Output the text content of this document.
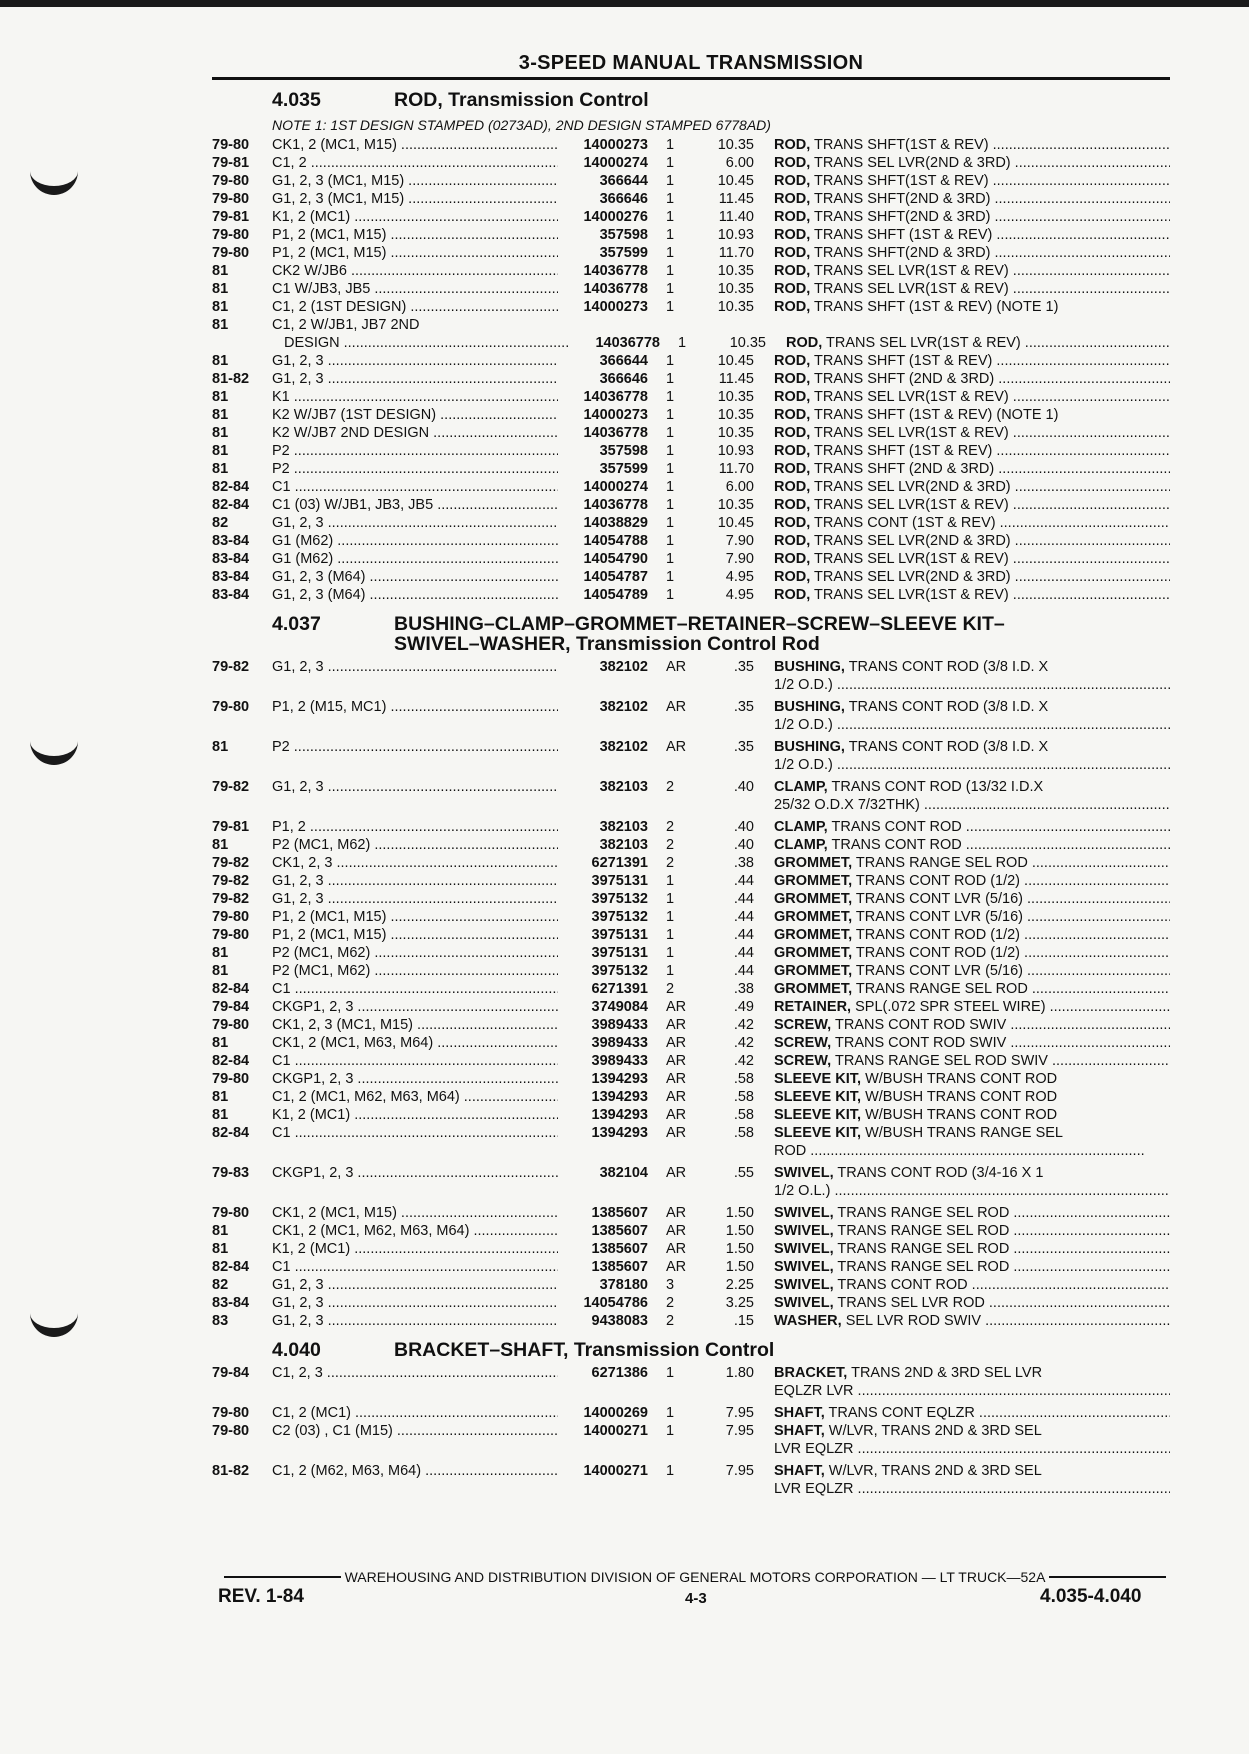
3-SPEED MANUAL TRANSMISSION
4.035	ROD, Transmission Control
NOTE 1: 1ST DESIGN STAMPED (0273AD), 2ND DESIGN STAMPED 6778AD)
79-80	CK1, 2 (MC1, M15) .....	14000273	1	10.35	ROD, TRANS SHFT(1ST & REV) .....
79-81	C1, 2 .....	14000274	1	6.00	ROD, TRANS SEL LVR(2ND & 3RD) .....
79-80	G1, 2, 3 (MC1, M15) .....	366644	1	10.45	ROD, TRANS SHFT(1ST & REV) .....
79-80	G1, 2, 3 (MC1, M15) .....	366646	1	11.45	ROD, TRANS SHFT(2ND & 3RD) .....
79-81	K1, 2 (MC1) .....	14000276	1	11.40	ROD, TRANS SHFT(2ND & 3RD) .....
79-80	P1, 2 (MC1, M15) .....	357598	1	10.93	ROD, TRANS SHFT (1ST & REV) .....
79-80	P1, 2 (MC1, M15) .....	357599	1	11.70	ROD, TRANS SHFT(2ND & 3RD) .....
81	CK2 W/JB6 .....	14036778	1	10.35	ROD, TRANS SEL LVR(1ST & REV) .....
81	C1 W/JB3, JB5 .....	14036778	1	10.35	ROD, TRANS SEL LVR(1ST & REV) .....
81	C1, 2 (1ST DESIGN) .....	14000273	1	10.35	ROD, TRANS SHFT (1ST & REV) (NOTE 1)
81	C1, 2 W/JB1, JB7 2ND
DESIGN .....	14036778	1	10.35	ROD, TRANS SEL LVR(1ST & REV) .....
81	G1, 2, 3 .....	366644	1	10.45	ROD, TRANS SHFT (1ST & REV) .....
81-82	G1, 2, 3 .....	366646	1	11.45	ROD, TRANS SHFT (2ND & 3RD) .....
81	K1 .....	14036778	1	10.35	ROD, TRANS SEL LVR(1ST & REV) .....
81	K2 W/JB7 (1ST DESIGN) .....	14000273	1	10.35	ROD, TRANS SHFT (1ST & REV) (NOTE 1)
81	K2 W/JB7 2ND DESIGN .....	14036778	1	10.35	ROD, TRANS SEL LVR(1ST & REV) .....
81	P2 .....	357598	1	10.93	ROD, TRANS SHFT (1ST & REV) .....
81	P2 .....	357599	1	11.70	ROD, TRANS SHFT (2ND & 3RD) .....
82-84	C1 .....	14000274	1	6.00	ROD, TRANS SEL LVR(2ND & 3RD) .....
82-84	C1 (03) W/JB1, JB3, JB5 .....	14036778	1	10.35	ROD, TRANS SEL LVR(1ST & REV) .....
82	G1, 2, 3 .....	14038829	1	10.45	ROD, TRANS CONT (1ST & REV) .....
83-84	G1 (M62) .....	14054788	1	7.90	ROD, TRANS SEL LVR(2ND & 3RD) .....
83-84	G1 (M62) .....	14054790	1	7.90	ROD, TRANS SEL LVR(1ST & REV) .....
83-84	G1, 2, 3 (M64) .....	14054787	1	4.95	ROD, TRANS SEL LVR(2ND & 3RD) .....
83-84	G1, 2, 3 (M64) .....	14054789	1	4.95	ROD, TRANS SEL LVR(1ST & REV) .....
4.037	BUSHING–CLAMP–GROMMET–RETAINER–SCREW–SLEEVE KIT–
SWIVEL–WASHER, Transmission Control Rod
79-82	G1, 2, 3 .....	382102	AR	.35	BUSHING, TRANS CONT ROD (3/8 I.D. X
1/2 O.D.) .....
79-80	P1, 2 (M15, MC1) .....	382102	AR	.35	BUSHING, TRANS CONT ROD (3/8 I.D. X
1/2 O.D.) .....
81	P2 .....	382102	AR	.35	BUSHING, TRANS CONT ROD (3/8 I.D. X
1/2 O.D.) .....
79-82	G1, 2, 3 .....	382103	2	.40	CLAMP, TRANS CONT ROD (13/32 I.D.X
25/32 O.D.X 7/32THK) .....
79-81	P1, 2 .....	382103	2	.40	CLAMP, TRANS CONT ROD .....
81	P2 (MC1, M62) .....	382103	2	.40	CLAMP, TRANS CONT ROD .....
79-82	CK1, 2, 3 .....	6271391	2	.38	GROMMET, TRANS RANGE SEL ROD .....
79-82	G1, 2, 3 .....	3975131	1	.44	GROMMET, TRANS CONT ROD (1/2) .....
79-82	G1, 2, 3 .....	3975132	1	.44	GROMMET, TRANS CONT LVR (5/16) .....
79-80	P1, 2 (MC1, M15) .....	3975132	1	.44	GROMMET, TRANS CONT LVR (5/16) .....
79-80	P1, 2 (MC1, M15) .....	3975131	1	.44	GROMMET, TRANS CONT ROD (1/2) .....
81	P2 (MC1, M62) .....	3975131	1	.44	GROMMET, TRANS CONT ROD (1/2) .....
81	P2 (MC1, M62) .....	3975132	1	.44	GROMMET, TRANS CONT LVR (5/16) .....
82-84	C1 .....	6271391	2	.38	GROMMET, TRANS RANGE SEL ROD .....
79-84	CKGP1, 2, 3 .....	3749084	AR	.49	RETAINER, SPL(.072 SPR STEEL WIRE) .....
79-80	CK1, 2, 3 (MC1, M15) .....	3989433	AR	.42	SCREW, TRANS CONT ROD SWIV .....
81	CK1, 2 (MC1, M63, M64) .....	3989433	AR	.42	SCREW, TRANS CONT ROD SWIV .....
82-84	C1 .....	3989433	AR	.42	SCREW, TRANS RANGE SEL ROD SWIV .....
79-80	CKGP1, 2, 3 .....	1394293	AR	.58	SLEEVE KIT, W/BUSH TRANS CONT ROD
81	C1, 2 (MC1, M62, M63, M64) .....	1394293	AR	.58	SLEEVE KIT, W/BUSH TRANS CONT ROD
81	K1, 2 (MC1) .....	1394293	AR	.58	SLEEVE KIT, W/BUSH TRANS CONT ROD
82-84	C1 .....	1394293	AR	.58	SLEEVE KIT, W/BUSH TRANS RANGE SEL
ROD .....
79-83	CKGP1, 2, 3 .....	382104	AR	.55	SWIVEL, TRANS CONT ROD (3/4-16 X 1
1/2 O.L.) .....
79-80	CK1, 2 (MC1, M15) .....	1385607	AR	1.50	SWIVEL, TRANS RANGE SEL ROD .....
81	CK1, 2 (MC1, M62, M63, M64) .....	1385607	AR	1.50	SWIVEL, TRANS RANGE SEL ROD .....
81	K1, 2 (MC1) .....	1385607	AR	1.50	SWIVEL, TRANS RANGE SEL ROD .....
82-84	C1 .....	1385607	AR	1.50	SWIVEL, TRANS RANGE SEL ROD .....
82	G1, 2, 3 .....	378180	3	2.25	SWIVEL, TRANS CONT ROD .....
83-84	G1, 2, 3 .....	14054786	2	3.25	SWIVEL, TRANS SEL LVR ROD .....
83	G1, 2, 3 .....	9438083	2	.15	WASHER, SEL LVR ROD SWIV .....
4.040	BRACKET–SHAFT, Transmission Control
79-84	C1, 2, 3 .....	6271386	1	1.80	BRACKET, TRANS 2ND & 3RD SEL LVR
EQLZR LVR .....
79-80	C1, 2 (MC1) .....	14000269	1	7.95	SHAFT, TRANS CONT EQLZR .....
79-80	C2 (03) , C1 (M15) .....	14000271	1	7.95	SHAFT, W/LVR, TRANS 2ND & 3RD SEL
LVR EQLZR .....
81-82	C1, 2 (M62, M63, M64) .....	14000271	1	7.95	SHAFT, W/LVR, TRANS 2ND & 3RD SEL
LVR EQLZR .....
WAREHOUSING AND DISTRIBUTION DIVISION OF GENERAL MOTORS CORPORATION — LT TRUCK—52A
REV. 1-84	4-3	4.035-4.040
